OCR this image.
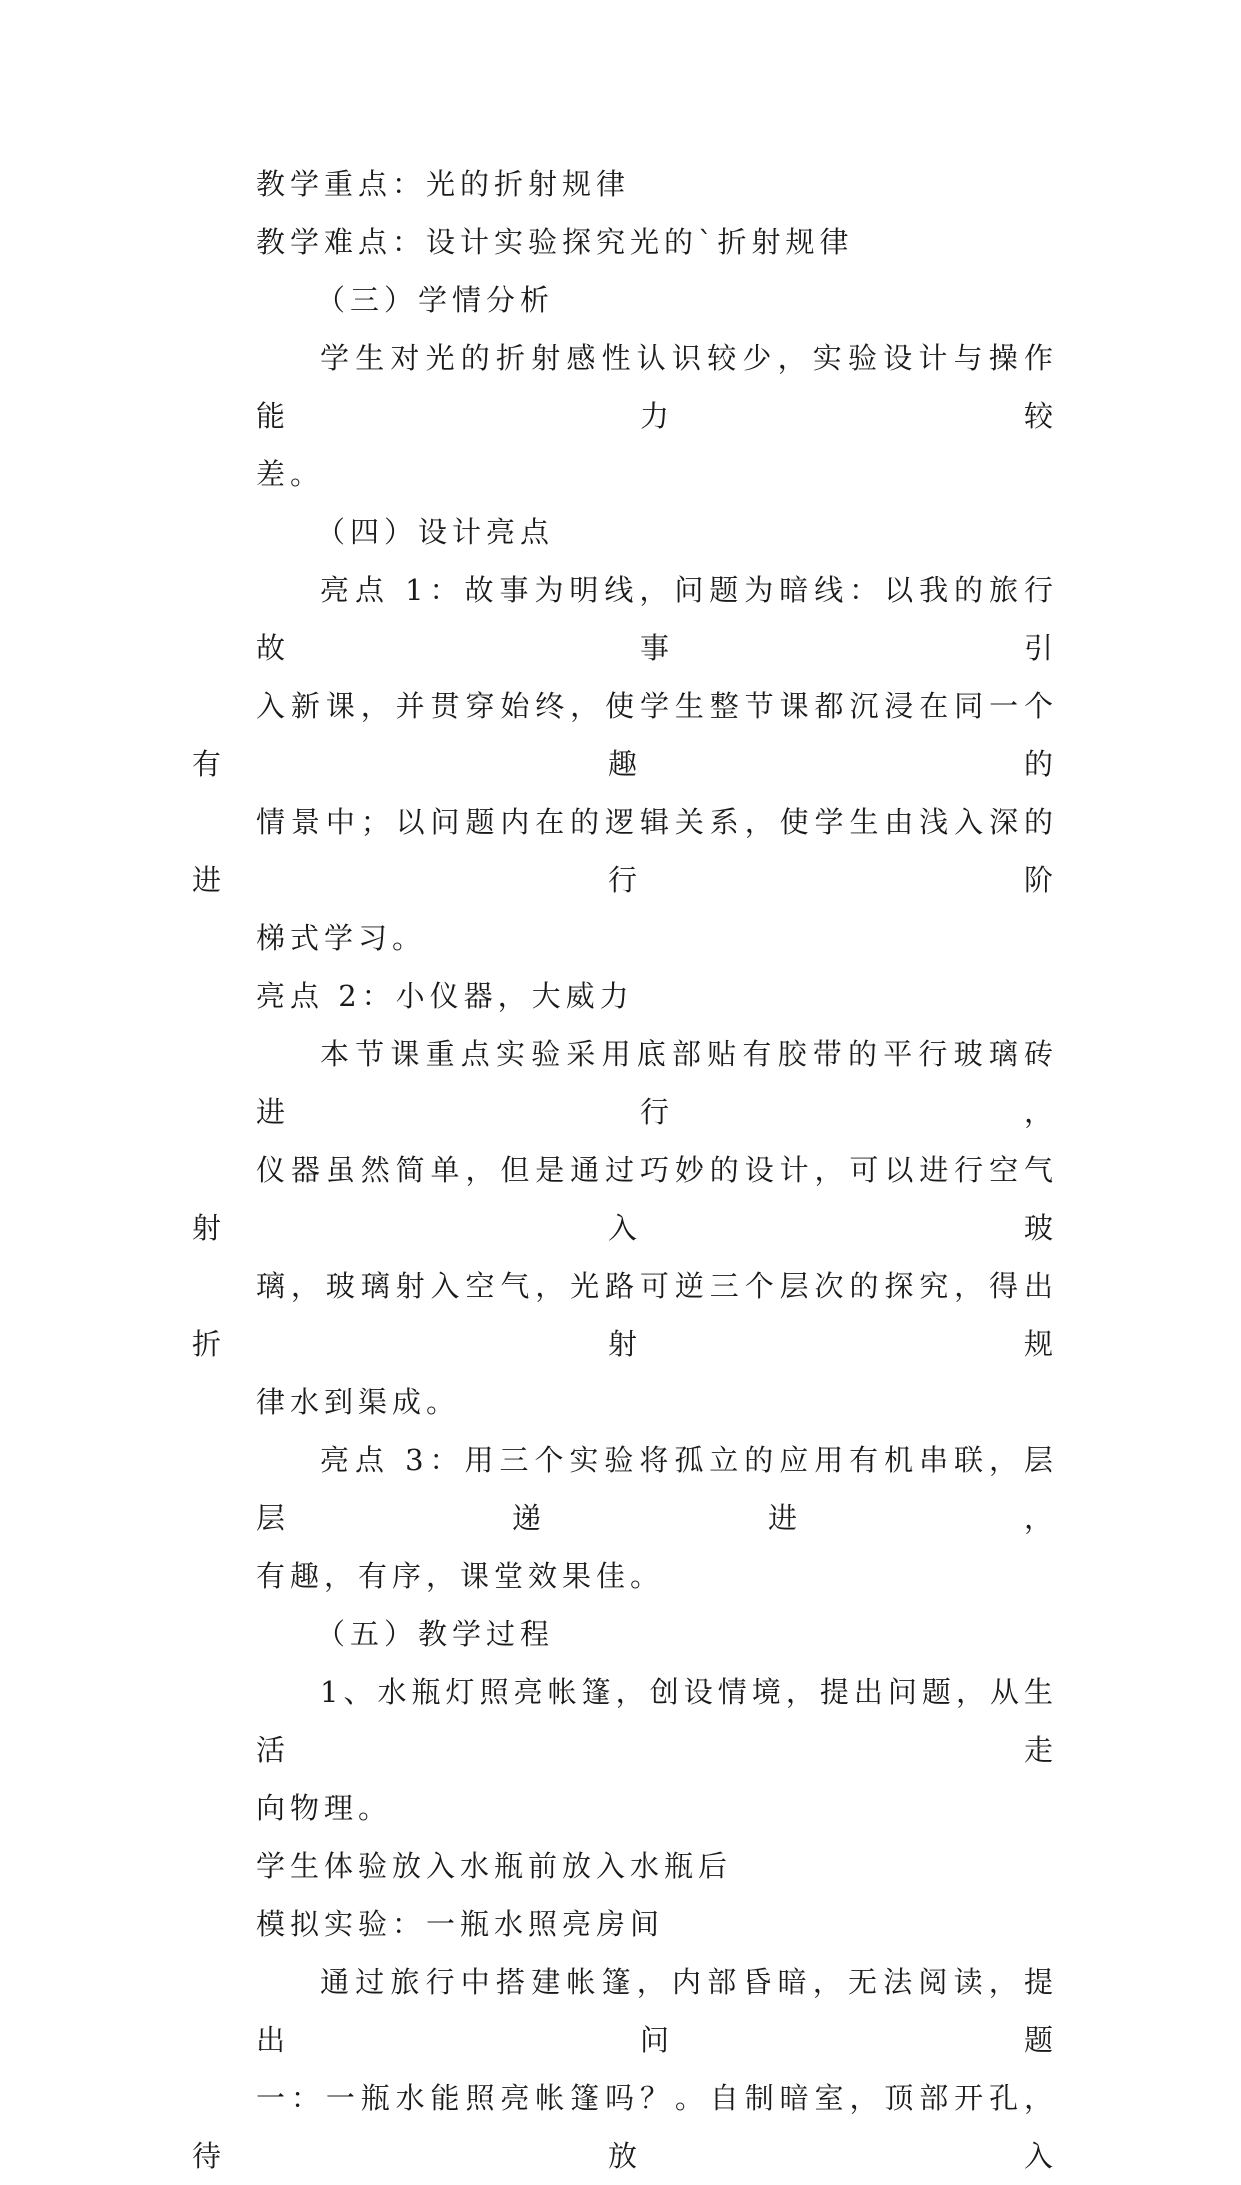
教学重点：光的折射规律
教学难点：设计实验探究光的`折射规律
（三）学情分析
学生对光的折射感性认识较少，实验设计与操作能力较
差。
（四）设计亮点
亮点 1：故事为明线，问题为暗线：以我的旅行故事引
入新课，并贯穿始终，使学生整节课都沉浸在同一个有趣的
情景中；以问题内在的逻辑关系，使学生由浅入深的进行阶
梯式学习。
亮点 2：小仪器，大威力
本节课重点实验采用底部贴有胶带的平行玻璃砖进行，
仪器虽然简单，但是通过巧妙的设计，可以进行空气射入玻
璃，玻璃射入空气，光路可逆三个层次的探究，得出折射规
律水到渠成。
亮点 3：用三个实验将孤立的应用有机串联，层层递进，
有趣，有序，课堂效果佳。
（五）教学过程
1、水瓶灯照亮帐篷，创设情境，提出问题，从生活走
向物理。
学生体验放入水瓶前放入水瓶后
模拟实验：一瓶水照亮房间
通过旅行中搭建帐篷，内部昏暗，无法阅读，提出问题
一：一瓶水能照亮帐篷吗？。自制暗室，顶部开孔，待放入
